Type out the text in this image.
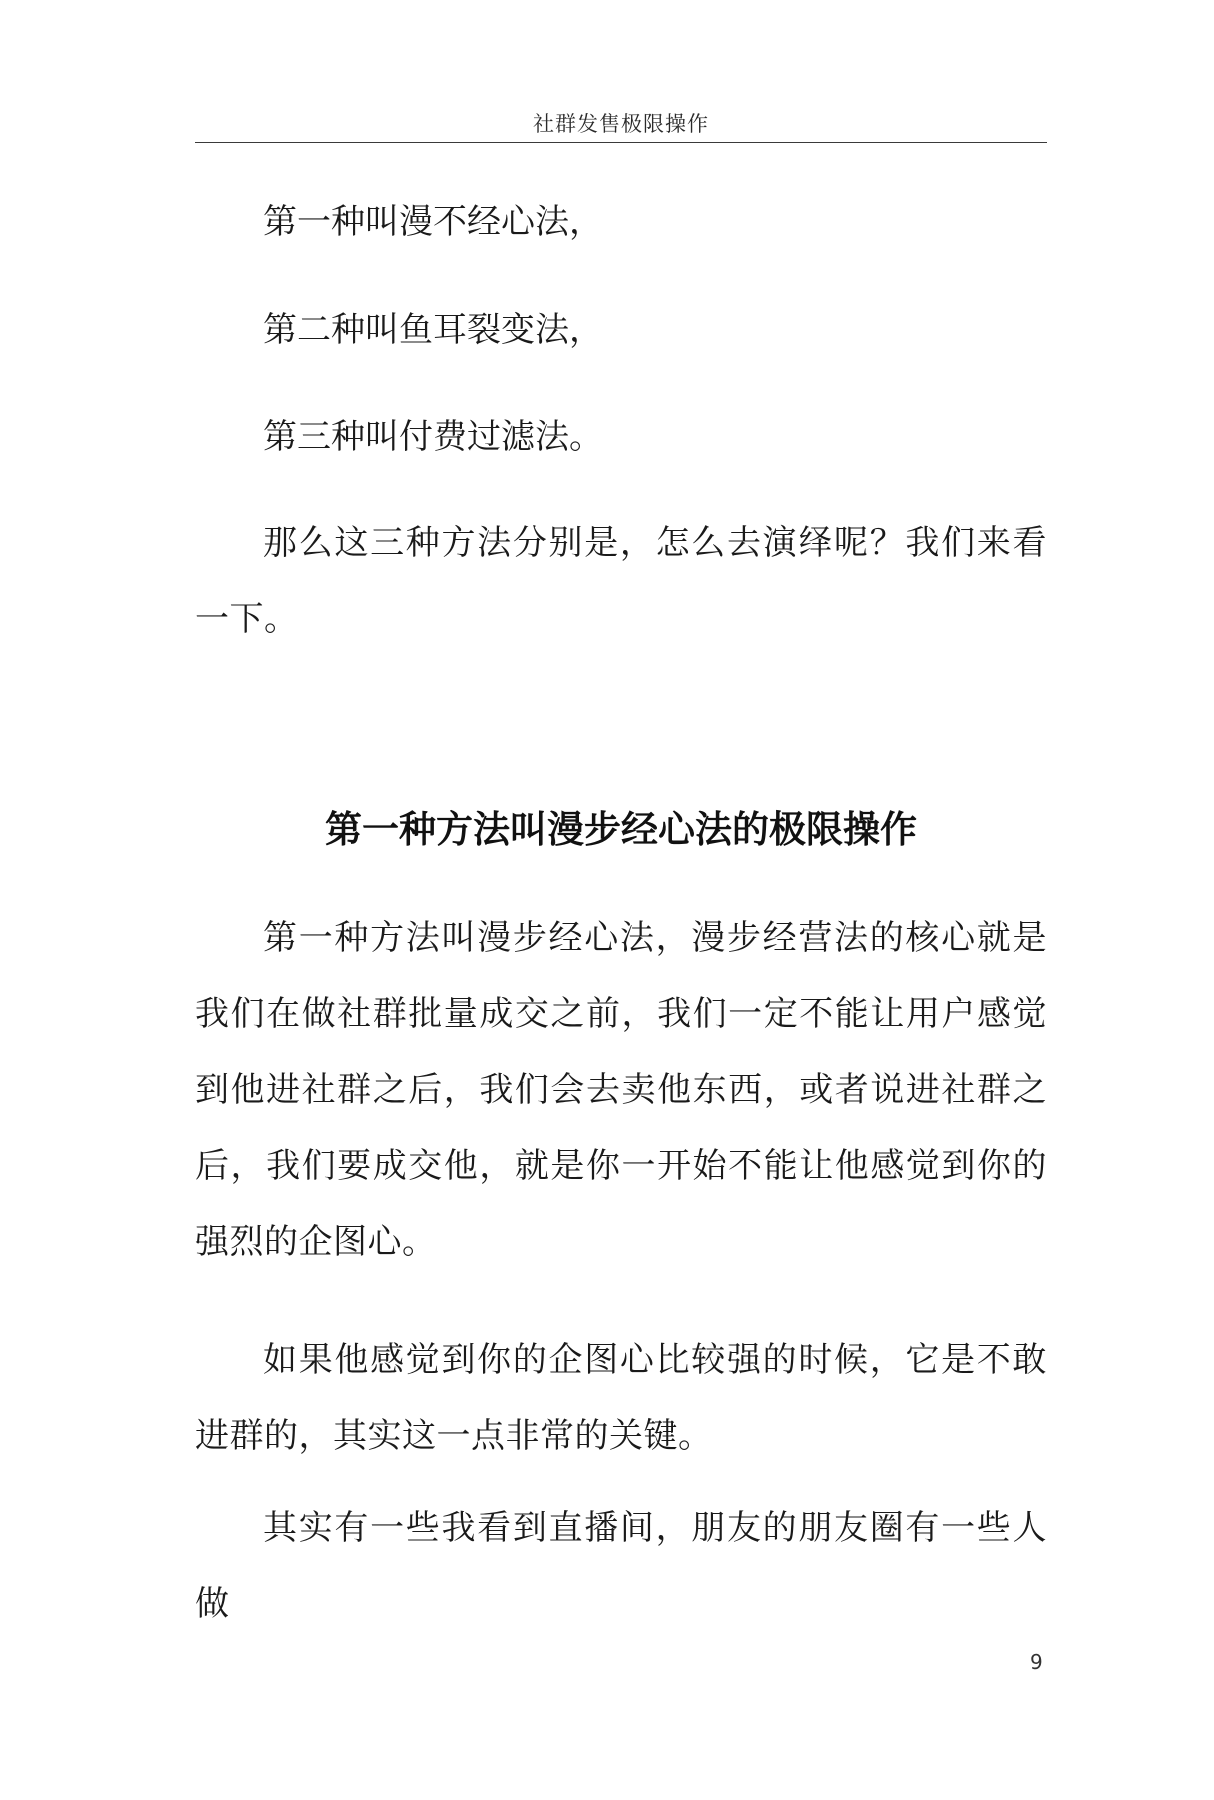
社群发售极限操作
第一种叫漫不经心法，
第二种叫鱼耳裂变法，
第三种叫付费过滤法。

那么这三种方法分别是，怎么去演绎呢？我们来看一下。

第一种方法叫漫步经心法的极限操作

第一种方法叫漫步经心法，漫步经营法的核心就是我们在做社群批量成交之前，我们一定不能让用户感觉到他进社群之后，我们会去卖他东西，或者说进社群之后，我们要成交他，就是你一开始不能让他感觉到你的强烈的企图心。

如果他感觉到你的企图心比较强的时候，它是不敢进群的，其实这一点非常的关键。

其实有一些我看到直播间，朋友的朋友圈有一些人做

9
